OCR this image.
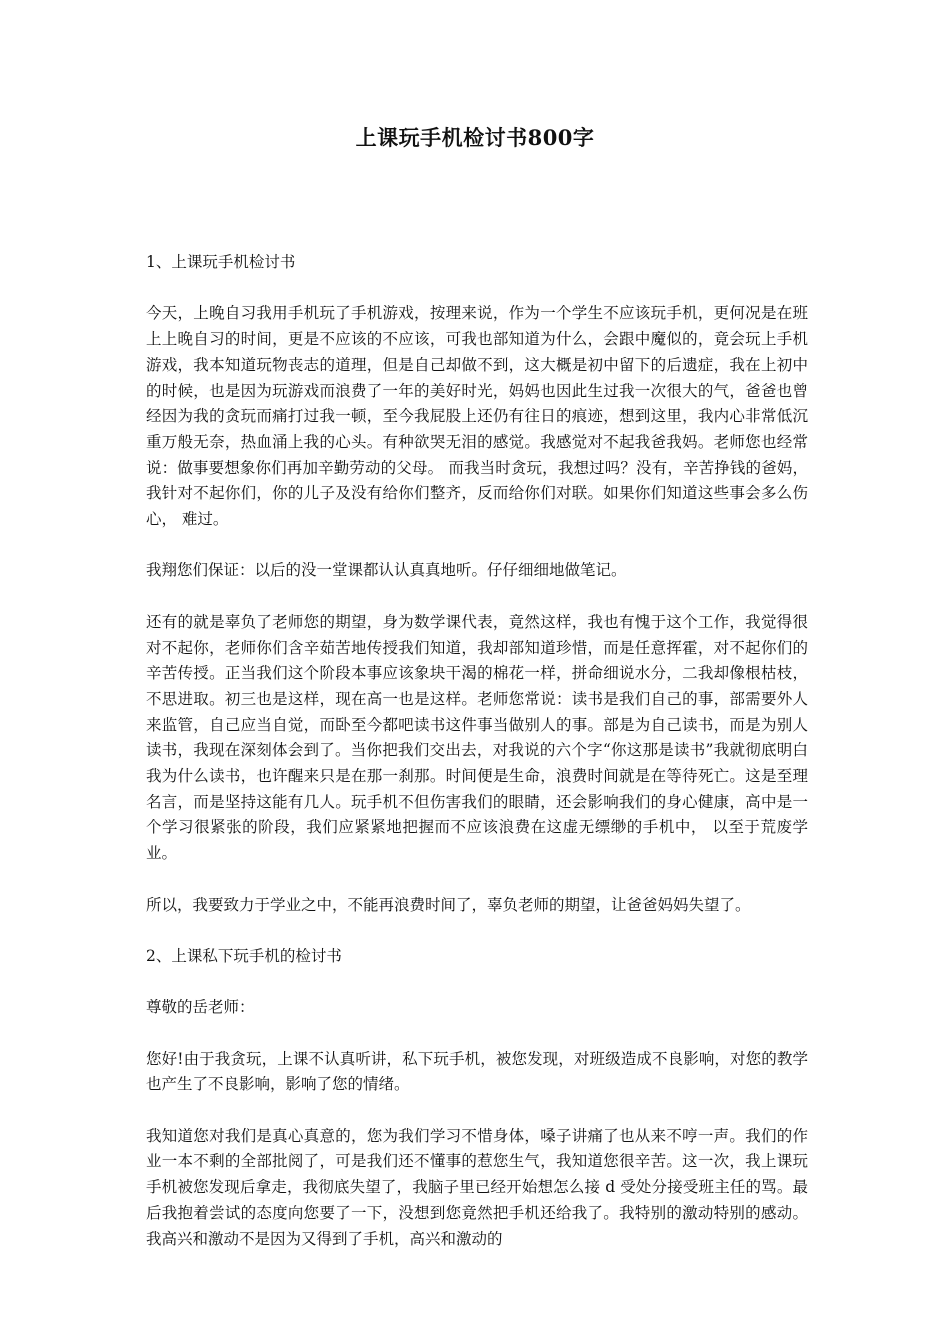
上课玩手机检讨书800字
1、上课玩手机检讨书

今天，上晚自习我用手机玩了手机游戏，按理来说，作为一个学生不应该玩手机，更何况是在班上上晚自习的时间，更是不应该的不应该，可我也部知道为什么，会跟中魔似的，竟会玩上手机游戏，我本知道玩物丧志的道理，但是自己却做不到，这大概是初中留下的后遗症，我在上初中的时候，也是因为玩游戏而浪费了一年的美好时光，妈妈也因此生过我一次很大的气，爸爸也曾经因为我的贪玩而痛打过我一顿，至今我屁股上还仍有往日的痕迹，想到这里，我内心非常低沉重万般无奈，热血涌上我的心头。有种欲哭无泪的感觉。我感觉对不起我爸我妈。老师您也经常说：做事要想象你们再加辛勤劳动的父母。 而我当时贪玩，我想过吗？没有，辛苦挣钱的爸妈，我针对不起你们，你的儿子及没有给你们整齐，反而给你们对联。如果你们知道这些事会多么伤心， 难过。

我翔您们保证：以后的没一堂课都认认真真地听。仔仔细细地做笔记。

还有的就是辜负了老师您的期望，身为数学课代表，竟然这样，我也有愧于这个工作，我觉得很对不起你，老师你们含辛茹苦地传授我们知道，我却部知道珍惜，而是任意挥霍，对不起你们的辛苦传授。正当我们这个阶段本事应该象块干渴的棉花一样，拼命细说水分，二我却像根枯枝，不思进取。初三也是这样，现在高一也是这样。老师您常说：读书是我们自己的事，部需要外人来监管，自己应当自觉，而卧至今都吧读书这件事当做别人的事。部是为自己读书，而是为别人读书，我现在深刻体会到了。当你把我们交出去，对我说的六个字“你这那是读书”我就彻底明白我为什么读书，也许醒来只是在那一刹那。时间便是生命，浪费时间就是在等待死亡。这是至理名言，而是坚持这能有几人。玩手机不但伤害我们的眼睛，还会影响我们的身心健康，高中是一个学习很紧张的阶段，我们应紧紧地把握而不应该浪费在这虚无缥缈的手机中， 以至于荒废学业。

所以，我要致力于学业之中，不能再浪费时间了，辜负老师的期望，让爸爸妈妈失望了。

2、上课私下玩手机的检讨书

尊敬的岳老师：

您好!由于我贪玩，上课不认真听讲，私下玩手机，被您发现，对班级造成不良影响，对您的教学也产生了不良影响，影响了您的情绪。

我知道您对我们是真心真意的，您为我们学习不惜身体，嗓子讲痛了也从来不哼一声。我们的作业一本不剩的全部批阅了，可是我们还不懂事的惹您生气，我知道您很辛苦。这一次，我上课玩手机被您发现后拿走，我彻底失望了，我脑子里已经开始想怎么接 d 受处分接受班主任的骂。最后我抱着尝试的态度向您要了一下，没想到您竟然把手机还给我了。我特别的激动特别的感动。我高兴和激动不是因为又得到了手机，高兴和激动的
